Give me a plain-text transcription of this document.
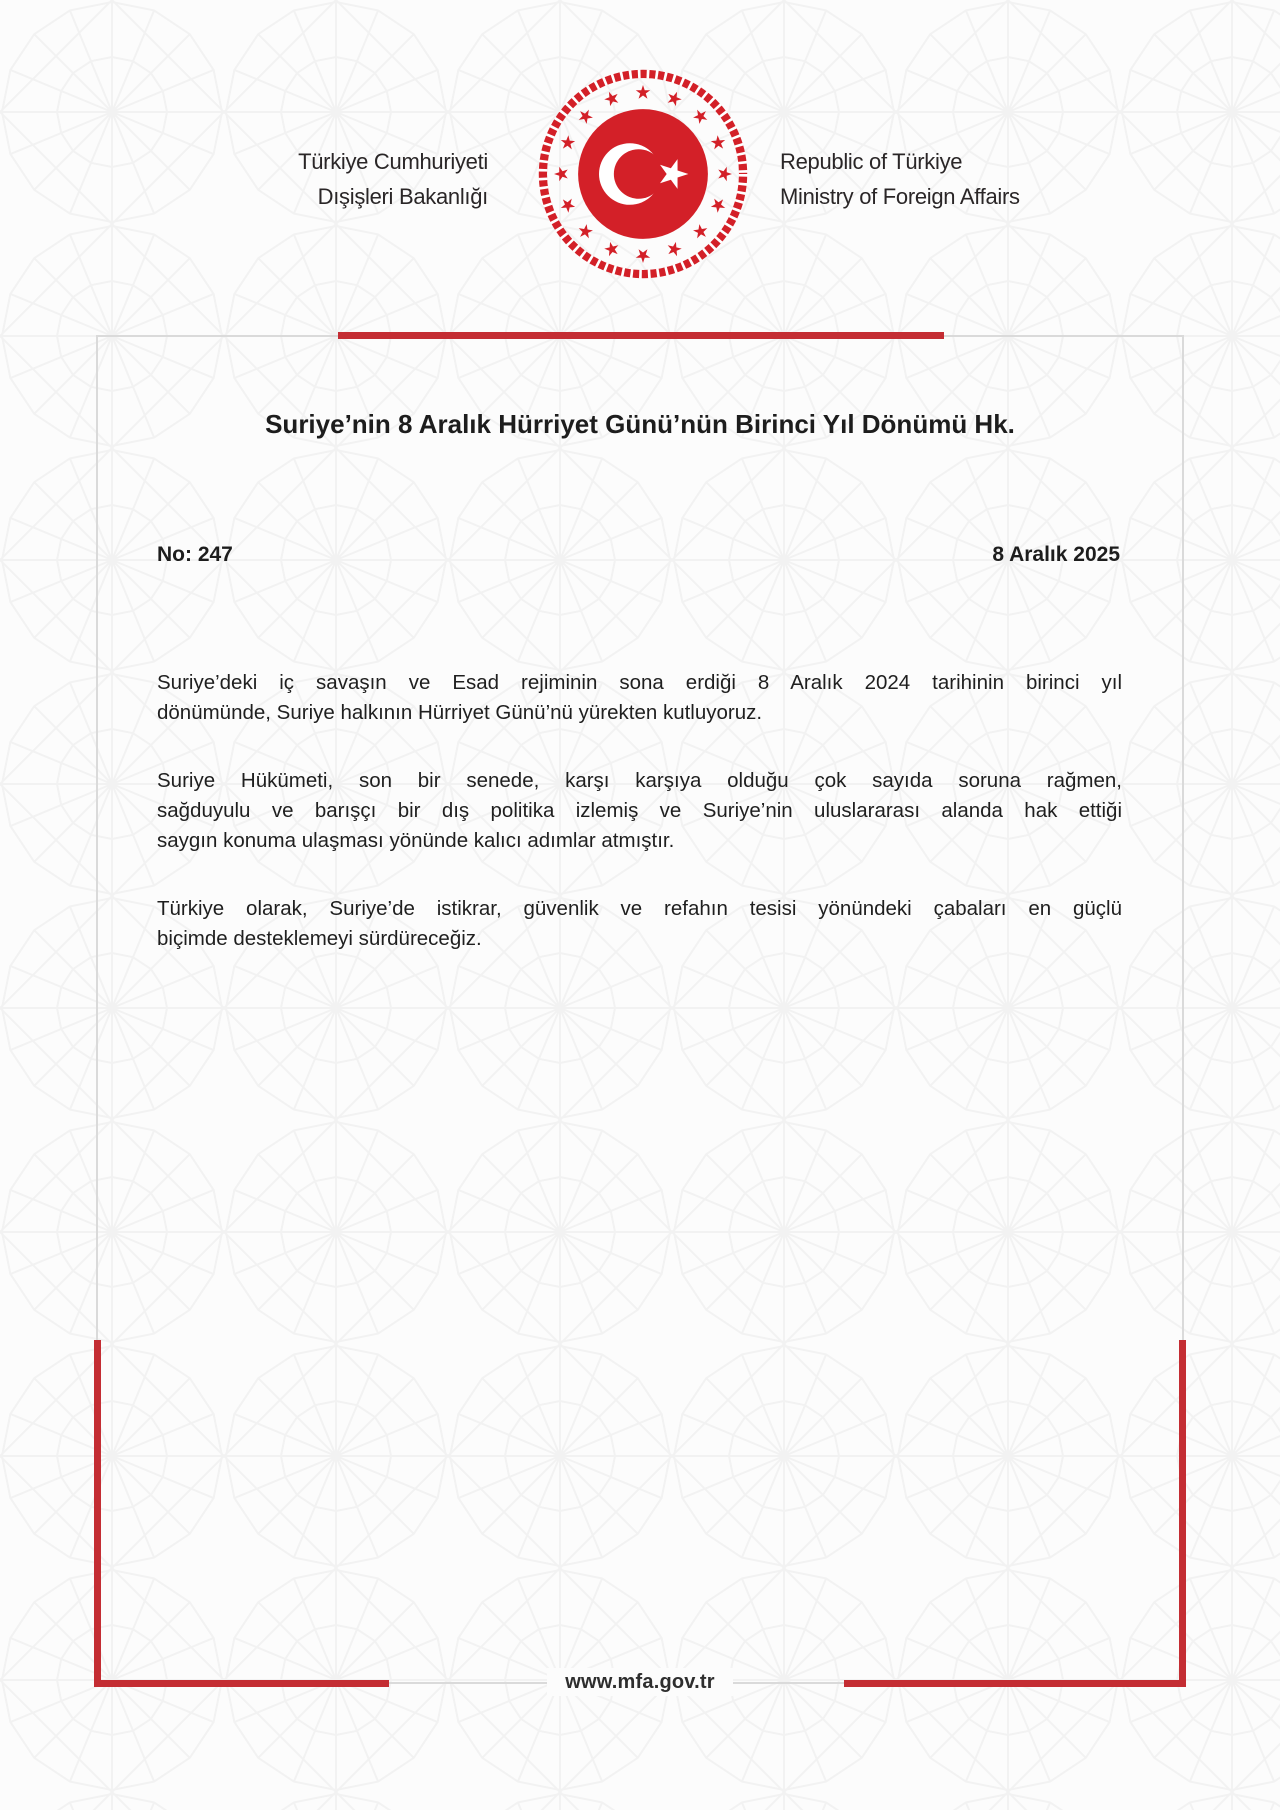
Türkiye Cumhuriyeti
Dışişleri Bakanlığı
Republic of Türkiye
Ministry of Foreign Affairs
Suriye’nin 8 Aralık Hürriyet Günü’nün Birinci Yıl Dönümü Hk.
No: 247	8 Aralık 2025
Suriye’deki iç savaşın ve Esad rejiminin sona erdiği 8 Aralık 2024 tarihinin birinci yıl
dönümünde, Suriye halkının Hürriyet Günü’nü yürekten kutluyoruz.
Suriye Hükümeti, son bir senede, karşı karşıya olduğu çok sayıda soruna rağmen,
sağduyulu ve barışçı bir dış politika izlemiş ve Suriye’nin uluslararası alanda hak ettiği
saygın konuma ulaşması yönünde kalıcı adımlar atmıştır.
Türkiye olarak, Suriye’de istikrar, güvenlik ve refahın tesisi yönündeki çabaları en güçlü
biçimde desteklemeyi sürdüreceğiz.
www.mfa.gov.tr
